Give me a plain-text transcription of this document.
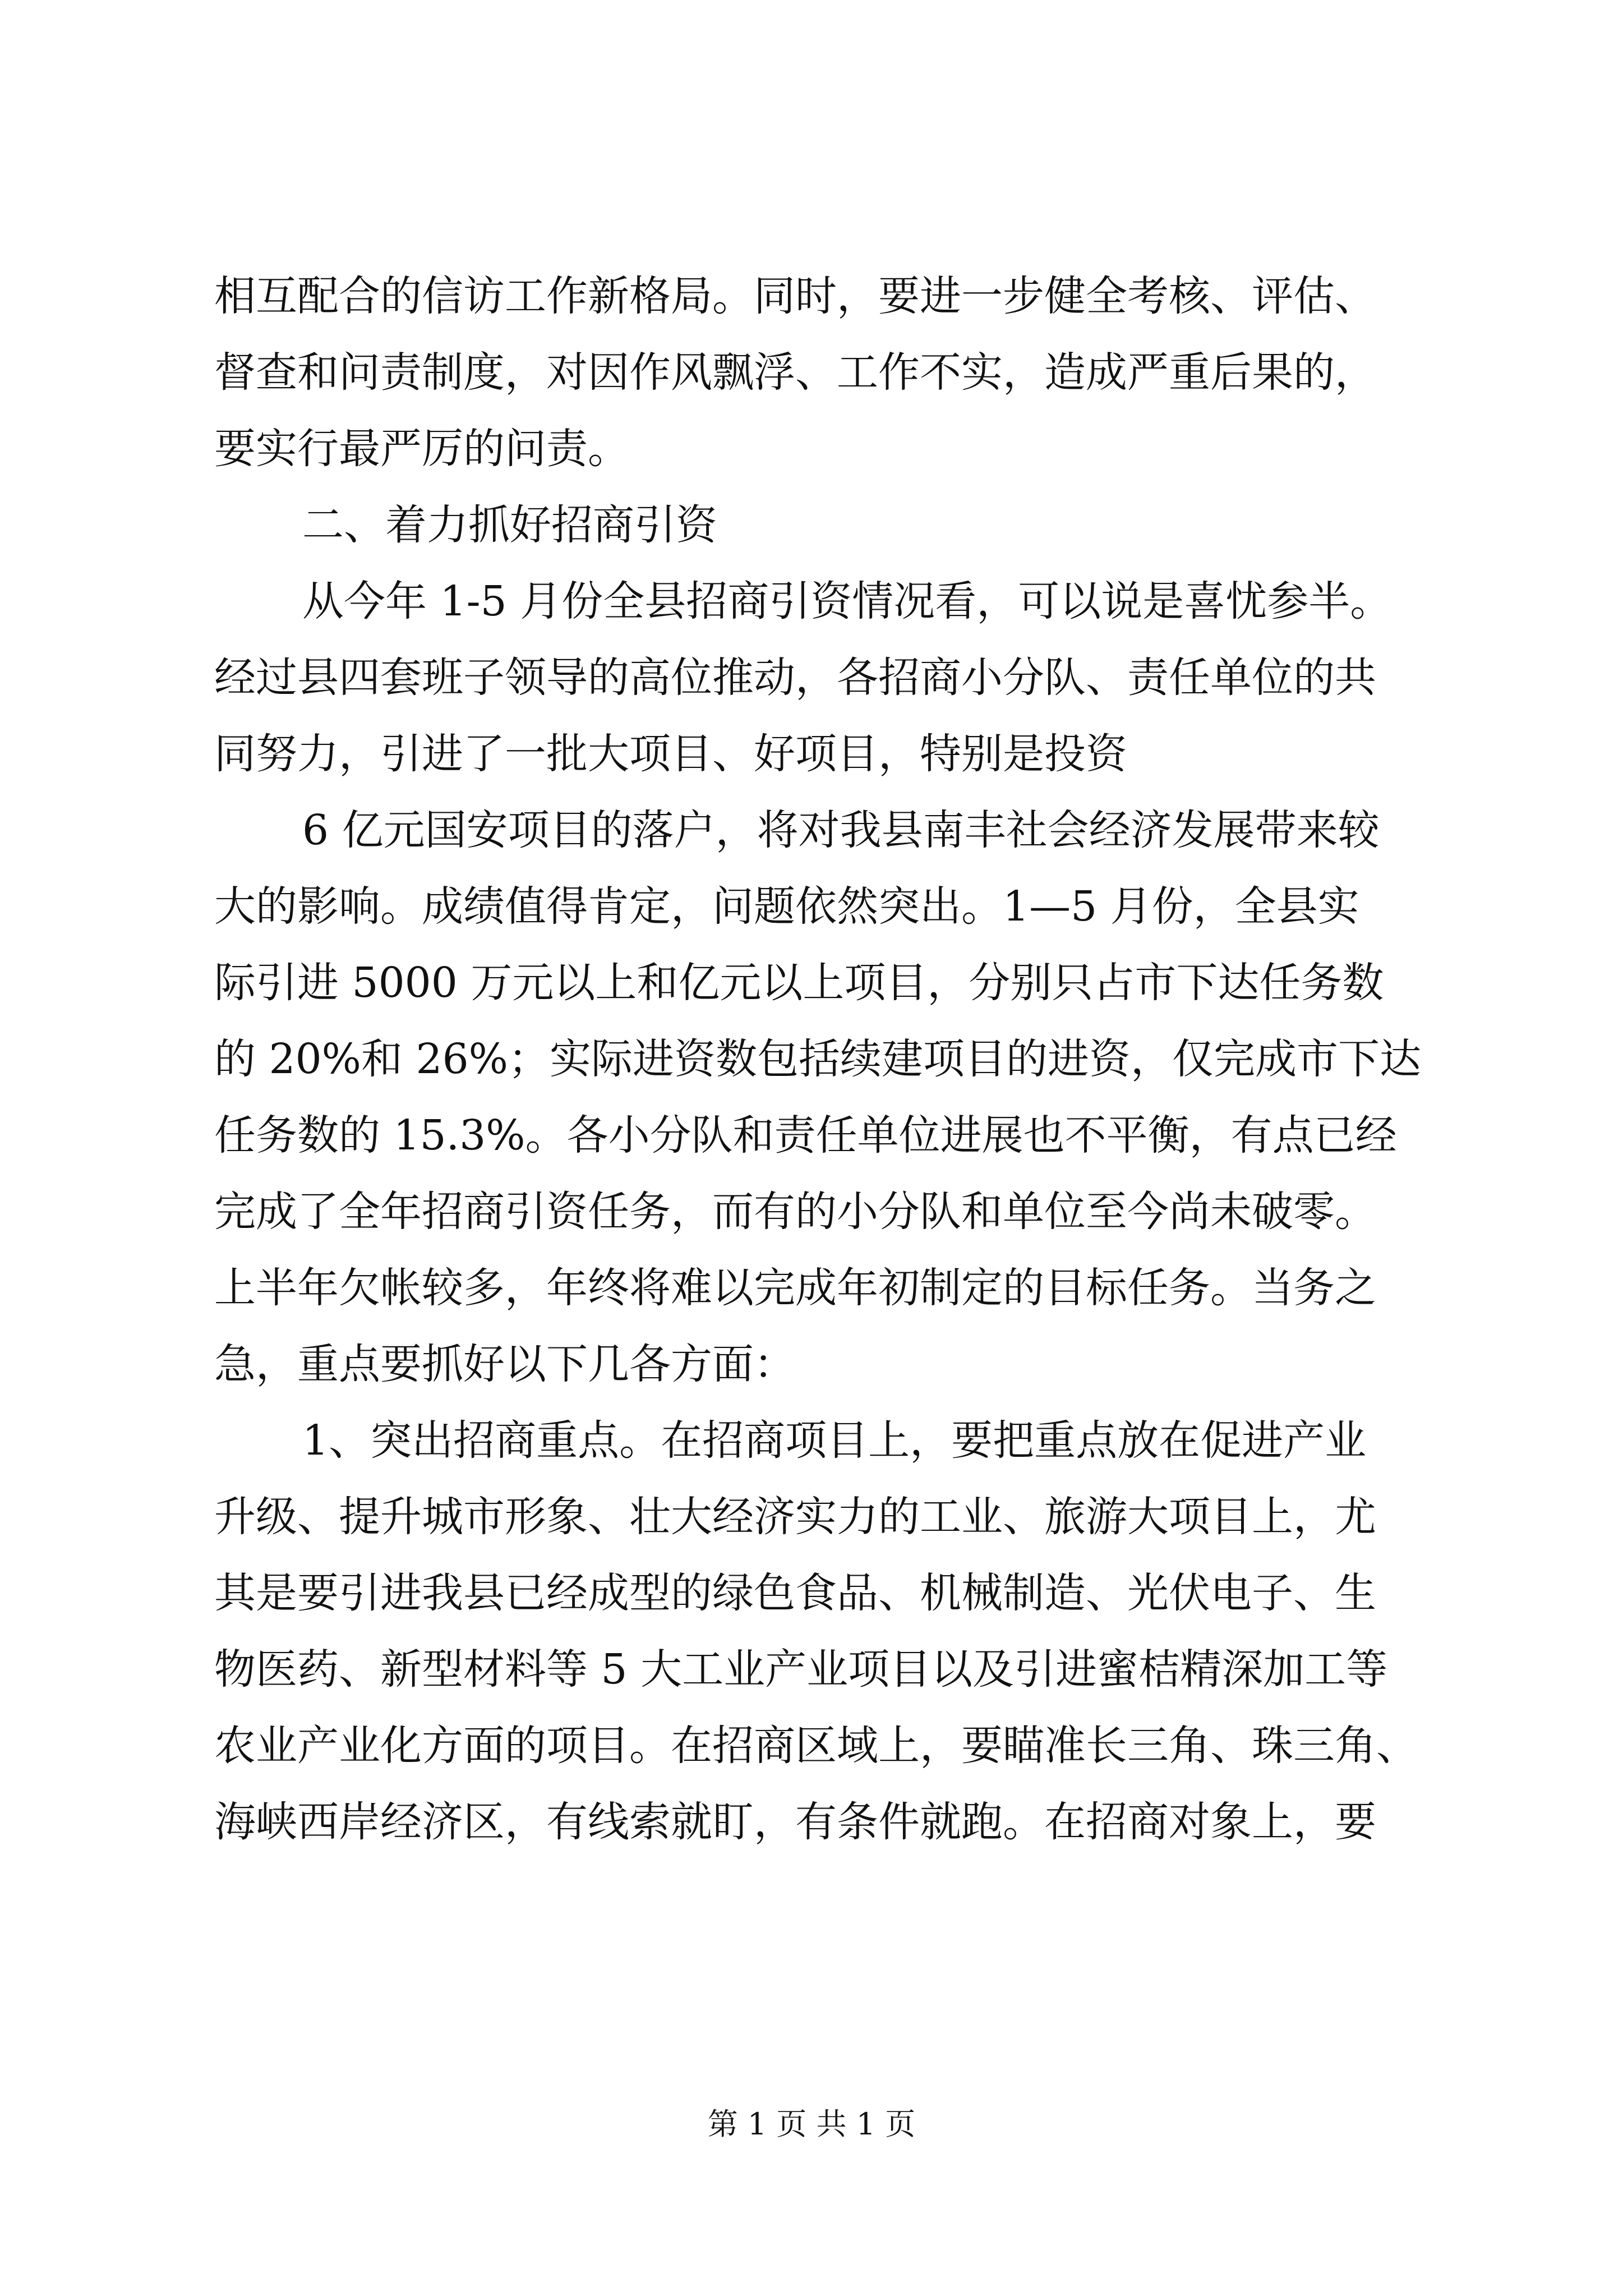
相互配合的信访工作新格局。同时，要进一步健全考核、评估、
督查和问责制度，对因作风飘浮、工作不实，造成严重后果的，
要实行最严厉的问责。
二、着力抓好招商引资
从今年 1-5 月份全县招商引资情况看，可以说是喜忧参半。
经过县四套班子领导的高位推动，各招商小分队、责任单位的共
同努力，引进了一批大项目、好项目，特别是投资
6 亿元国安项目的落户，将对我县南丰社会经济发展带来较
大的影响。成绩值得肯定，问题依然突出。1—5 月份，全县实
际引进 5000 万元以上和亿元以上项目，分别只占市下达任务数
的 20%和 26%；实际进资数包括续建项目的进资，仅完成市下达
任务数的 15.3%。各小分队和责任单位进展也不平衡，有点已经
完成了全年招商引资任务，而有的小分队和单位至今尚未破零。
上半年欠帐较多，年终将难以完成年初制定的目标任务。当务之
急，重点要抓好以下几各方面：
1、突出招商重点。在招商项目上，要把重点放在促进产业
升级、提升城市形象、壮大经济实力的工业、旅游大项目上，尤
其是要引进我县已经成型的绿色食品、机械制造、光伏电子、生
物医药、新型材料等 5 大工业产业项目以及引进蜜桔精深加工等
农业产业化方面的项目。在招商区域上，要瞄准长三角、珠三角、
海峡西岸经济区，有线索就盯，有条件就跑。在招商对象上，要
第 1 页 共 1 页
